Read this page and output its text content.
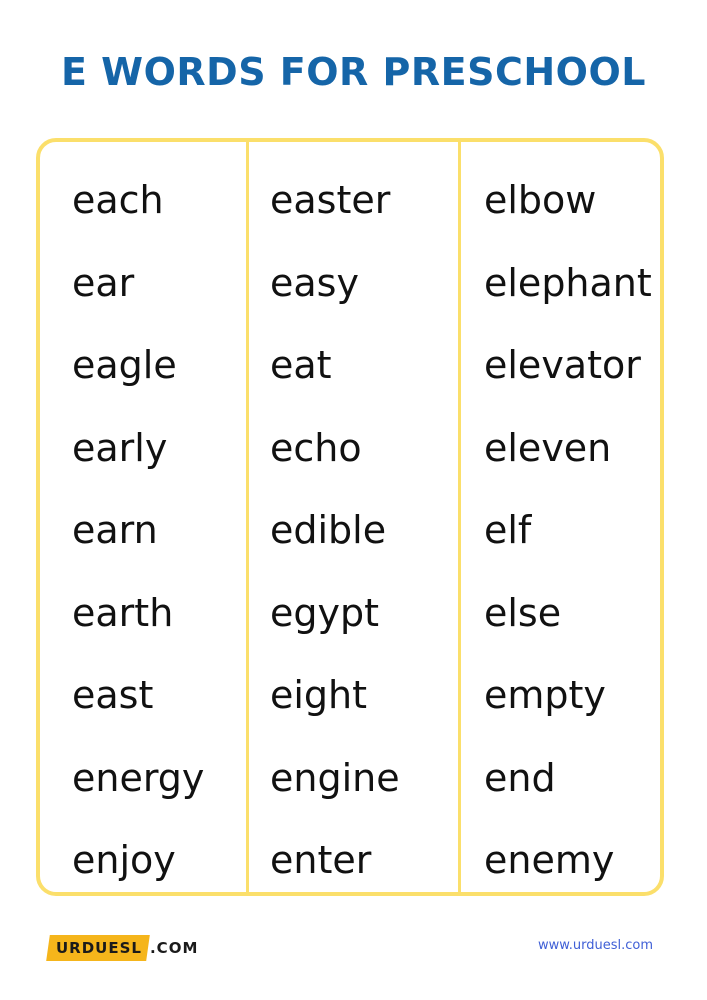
E WORDS FOR PRESCHOOL
each
ear
eagle
early
earn
earth
east
energy
enjoy
easter
easy
eat
echo
edible
egypt
eight
engine
enter
elbow
elephant
elevator
eleven
elf
else
empty
end
enemy
URDUESL .COM	www.urduesl.com
